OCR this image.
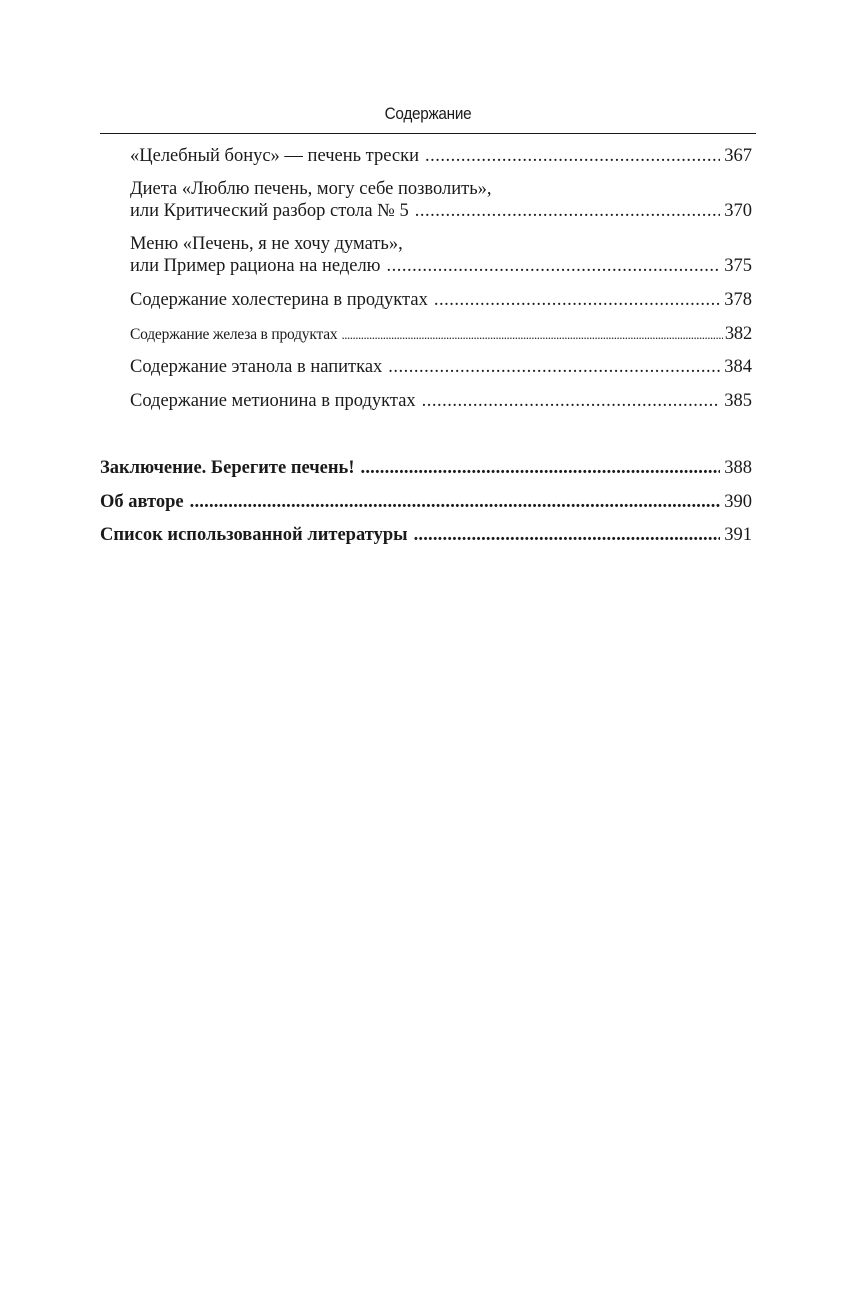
Содержание
«Целебный бонус» — печень трески .....	367
Диета «Люблю печень, могу себе позволить»,
или Критический разбор стола № 5 .....	370
Меню «Печень, я не хочу думать»,
или Пример рациона на неделю .....	375
Содержание холестерина в продуктах .....	378
Содержание железа в продуктах .....	382
Содержание этанола в напитках .....	384
Содержание метионина в продуктах .....	385
Заключение. Берегите печень! .....	388
Об авторе .....	390
Список использованной литературы .....	391
